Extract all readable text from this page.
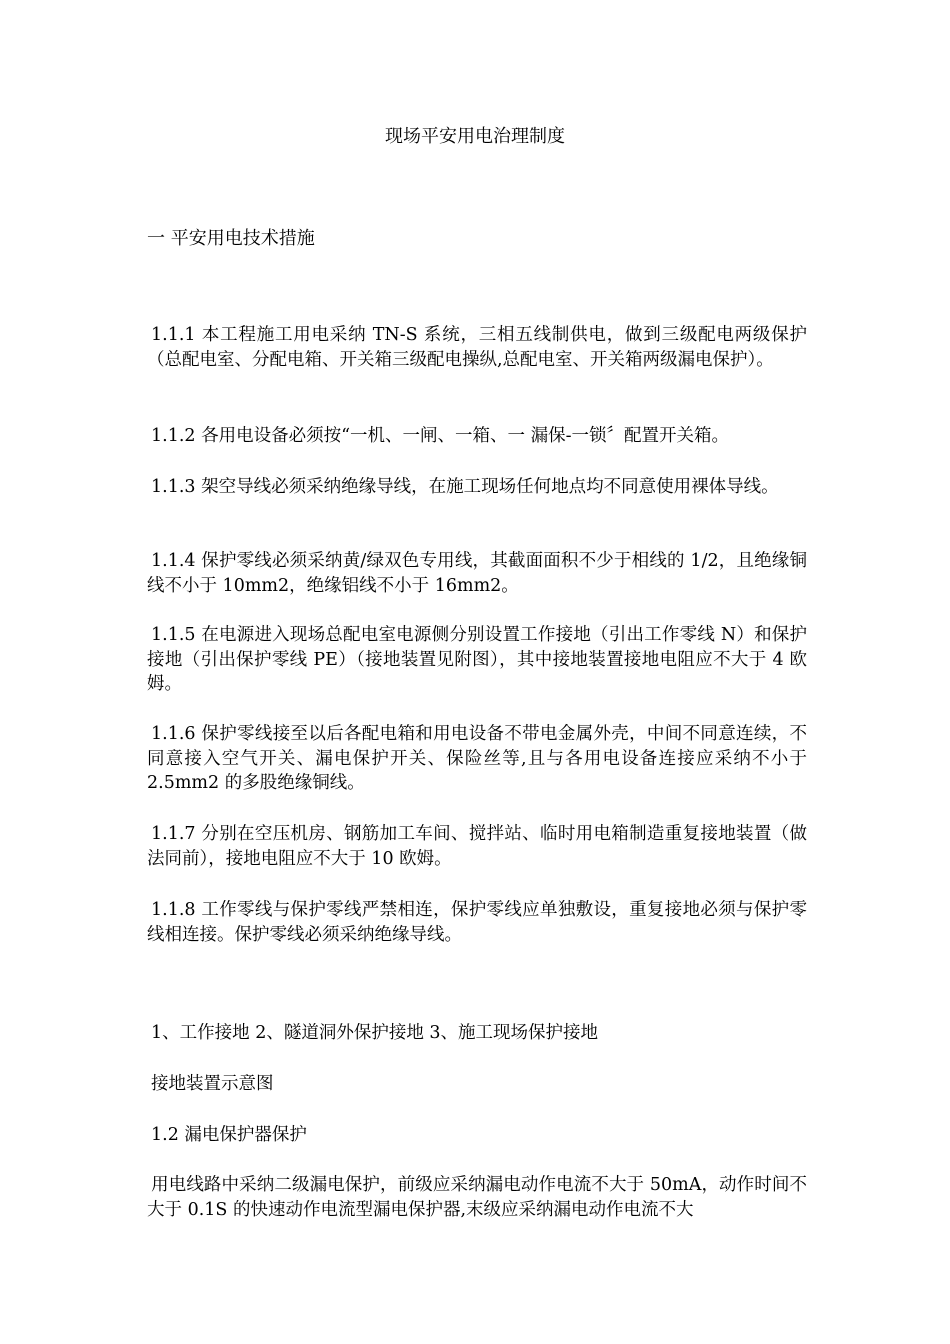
现场平安用电治理制度
一 平安用电技术措施

1.1.1 本工程施工用电采纳 TN-S 系统，三相五线制供电，做到三级配电两级保护（总配电室、分配电箱、开关箱三级配电操纵,总配电室、开关箱两级漏电保护）。

1.1.2 各用电设备必须按“一机、一闸、一箱、一 漏保-一锁〞配置开关箱。

1.1.3 架空导线必须采纳绝缘导线，在施工现场任何地点均不同意使用裸体导线。

1.1.4 保护零线必须采纳黄/绿双色专用线，其截面面积不少于相线的 1/2，且绝缘铜线不小于 10mm2，绝缘铝线不小于 16mm2。

1.1.5 在电源进入现场总配电室电源侧分别设置工作接地（引出工作零线 N）和保护接地（引出保护零线 PE）（接地装置见附图），其中接地装置接地电阻应不大于 4 欧姆。

1.1.6 保护零线接至以后各配电箱和用电设备不带电金属外壳，中间不同意连续，不同意接入空气开关、漏电保护开关、保险丝等,且与各用电设备连接应采纳不小于 2.5mm2 的多股绝缘铜线。

1.1.7 分别在空压机房、钢筋加工车间、搅拌站、临时用电箱制造重复接地装置（做法同前），接地电阻应不大于 10 欧姆。

1.1.8 工作零线与保护零线严禁相连，保护零线应单独敷设，重复接地必须与保护零线相连接。保护零线必须采纳绝缘导线。

1、工作接地 2、隧道洞外保护接地 3、施工现场保护接地

接地装置示意图

1.2 漏电保护器保护

用电线路中采纳二级漏电保护，前级应采纳漏电动作电流不大于 50mA，动作时间不大于 0.1S 的快速动作电流型漏电保护器,末级应采纳漏电动作电流不大
